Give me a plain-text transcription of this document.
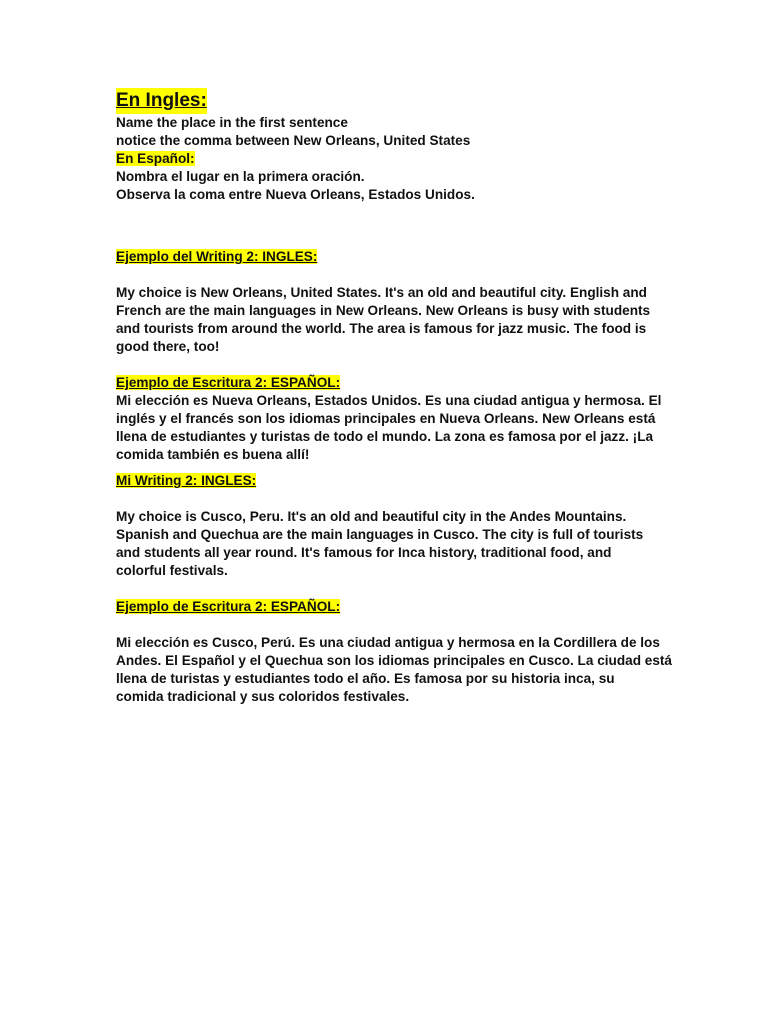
En Ingles:
Name the place in the first sentence
notice the comma between New Orleans, United States
En Español:
Nombra el lugar en la primera oración.
Observa la coma entre Nueva Orleans, Estados Unidos.
Ejemplo del Writing 2: INGLES:
My choice is New Orleans, United States. It's an old and beautiful city. English and
French are the main languages in New Orleans. New Orleans is busy with students
and tourists from around the world. The area is famous for jazz music. The food is
good there, too!
Ejemplo de Escritura 2: ESPAÑOL:
Mi elección es Nueva Orleans, Estados Unidos. Es una ciudad antigua y hermosa. El
inglés y el francés son los idiomas principales en Nueva Orleans. New Orleans está
llena de estudiantes y turistas de todo el mundo. La zona es famosa por el jazz. ¡La
comida también es buena allí!
Mi Writing 2: INGLES:
My choice is Cusco, Peru. It's an old and beautiful city in the Andes Mountains.
Spanish and Quechua are the main languages in Cusco. The city is full of tourists
and students all year round. It's famous for Inca history, traditional food, and
colorful festivals.
Ejemplo de Escritura 2: ESPAÑOL:
Mi elección es Cusco, Perú. Es una ciudad antigua y hermosa en la Cordillera de los
Andes. El Español y el Quechua son los idiomas principales en Cusco. La ciudad está
llena de turistas y estudiantes todo el año. Es famosa por su historia inca, su
comida tradicional y sus coloridos festivales.
